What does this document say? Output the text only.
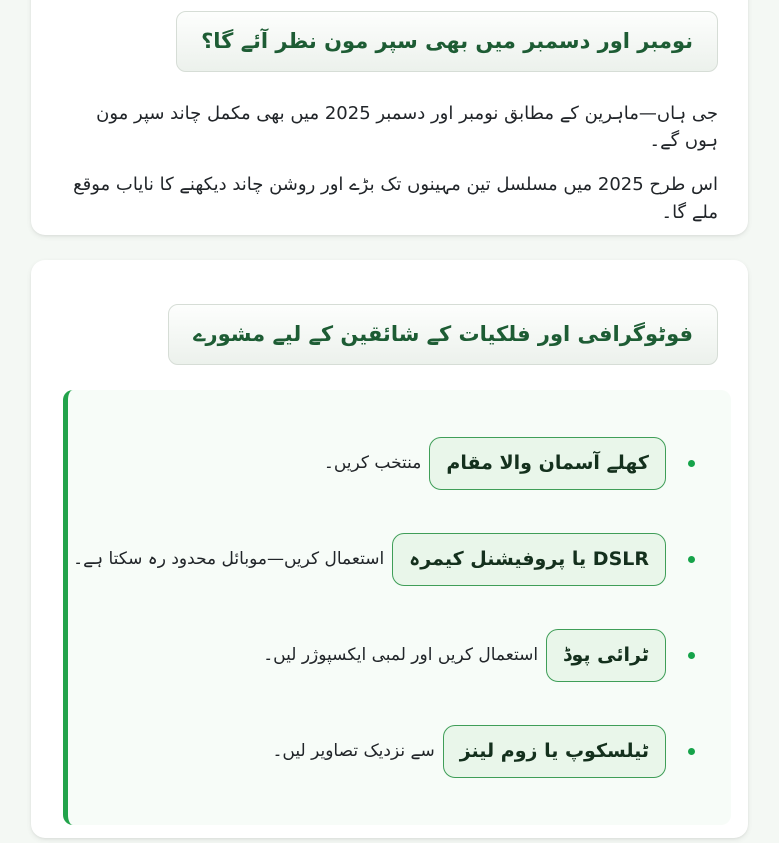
نومبر اور دسمبر میں بھی سپر مون نظر آئے گا؟

جی ہاں—ماہرین کے مطابق نومبر اور دسمبر 2025 میں بھی مکمل چاند سپر مون ہوں گے۔

اس طرح 2025 میں مسلسل تین مہینوں تک بڑے اور روشن چاند دیکھنے کا نایاب موقع ملے گا۔

فوٹوگرافی اور فلکیات کے شائقین کے لیے مشورے
کھلے آسمان والا مقام
منتخب کریں۔
DSLR یا پروفیشنل کیمرہ
استعمال کریں—موبائل محدود رہ سکتا ہے۔
ٹرائی پوڈ
استعمال کریں اور لمبی ایکسپوژر لیں۔
ٹیلسکوپ یا زوم لینز
سے نزدیک تصاویر لیں۔
